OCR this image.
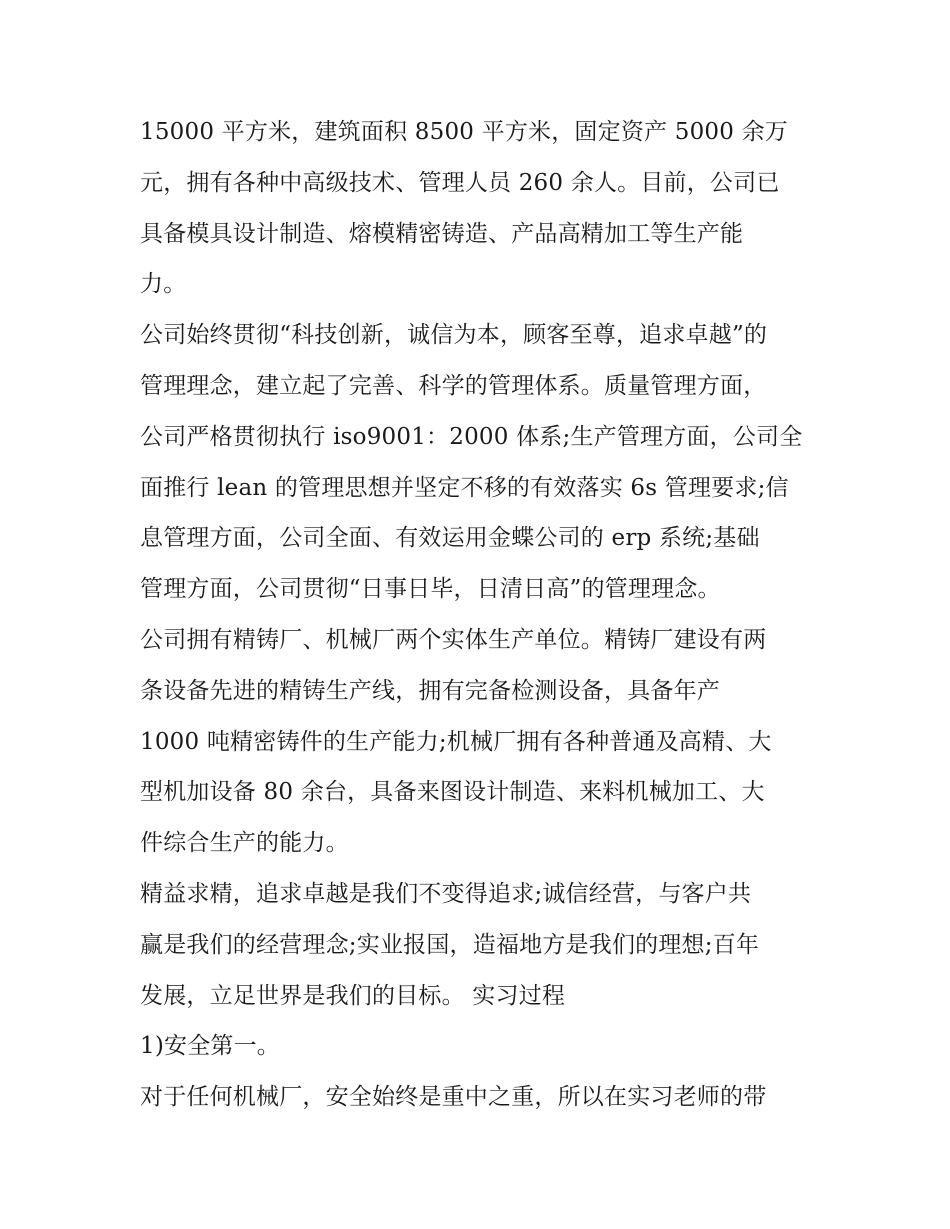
15000 平方米，建筑面积 8500 平方米，固定资产 5000 余万
元，拥有各种中高级技术、管理人员 260 余人。目前，公司已
具备模具设计制造、熔模精密铸造、产品高精加工等生产能
力。
公司始终贯彻“科技创新，诚信为本，顾客至尊，追求卓越”的
管理理念，建立起了完善、科学的管理体系。质量管理方面，
公司严格贯彻执行 iso9001：2000 体系;生产管理方面，公司全
面推行 lean 的管理思想并坚定不移的有效落实 6s 管理要求;信
息管理方面，公司全面、有效运用金蝶公司的 erp 系统;基础
管理方面，公司贯彻“日事日毕，日清日高”的管理理念。
公司拥有精铸厂、机械厂两个实体生产单位。精铸厂建设有两
条设备先进的精铸生产线，拥有完备检测设备，具备年产
1000 吨精密铸件的生产能力;机械厂拥有各种普通及高精、大
型机加设备 80 余台，具备来图设计制造、来料机械加工、大
件综合生产的能力。
精益求精，追求卓越是我们不变得追求;诚信经营，与客户共
赢是我们的经营理念;实业报国，造福地方是我们的理想;百年
发展，立足世界是我们的目标。 实习过程
1)安全第一。
对于任何机械厂，安全始终是重中之重，所以在实习老师的带
